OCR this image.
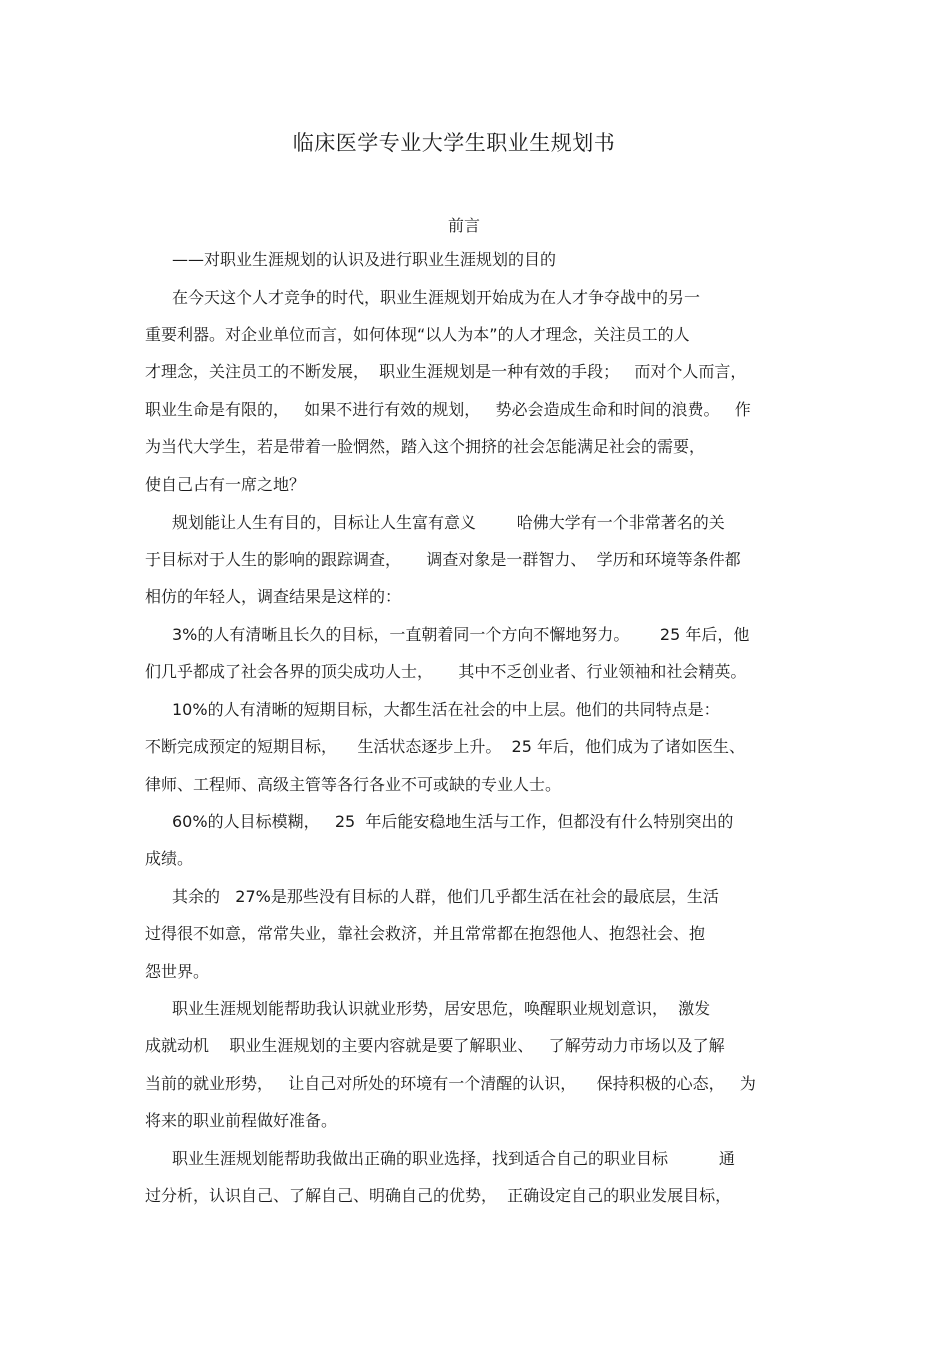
临床医学专业大学生职业生规划书
前言
——对职业生涯规划的认识及进行职业生涯规划的目的
在今天这个人才竞争的时代，职业生涯规划开始成为在人才争夺战中的另一
重要利器。对企业单位而言，如何体现“以人为本”的人才理念，关注员工的人
才理念，关注员工的不断发展，  职业生涯规划是一种有效的手段；   而对个人而言，
职业生命是有限的，   如果不进行有效的规划，   势必会造成生命和时间的浪费。   作
为当代大学生，若是带着一脸惘然，踏入这个拥挤的社会怎能满足社会的需要，
使自己占有一席之地？
规划能让人生有目的，目标让人生富有意义        哈佛大学有一个非常著名的关
于目标对于人生的影响的跟踪调查，     调查对象是一群智力、  学历和环境等条件都
相仿的年轻人，调查结果是这样的：
3%的人有清晰且长久的目标，一直朝着同一个方向不懈地努力。      25 年后，他
们几乎都成了社会各界的顶尖成功人士，     其中不乏创业者、行业领袖和社会精英。
10%的人有清晰的短期目标，大都生活在社会的中上层。他们的共同特点是：
不断完成预定的短期目标，    生活状态逐步上升。  25 年后，他们成为了诸如医生、
律师、工程师、高级主管等各行各业不可或缺的专业人士。
60%的人目标模糊，   25  年后能安稳地生活与工作，但都没有什么特别突出的
成绩。
其余的   27%是那些没有目标的人群，他们几乎都生活在社会的最底层，生活
过得很不如意，常常失业，靠社会救济，并且常常都在抱怨他人、抱怨社会、抱
怨世界。
职业生涯规划能帮助我认识就业形势，居安思危，唤醒职业规划意识，  激发
成就动机    职业生涯规划的主要内容就是要了解职业、   了解劳动力市场以及了解
当前的就业形势，   让自己对所处的环境有一个清醒的认识，    保持积极的心态，   为
将来的职业前程做好准备。
职业生涯规划能帮助我做出正确的职业选择，找到适合自己的职业目标          通
过分析，认识自己、了解自己、明确自己的优势，  正确设定自己的职业发展目标，
